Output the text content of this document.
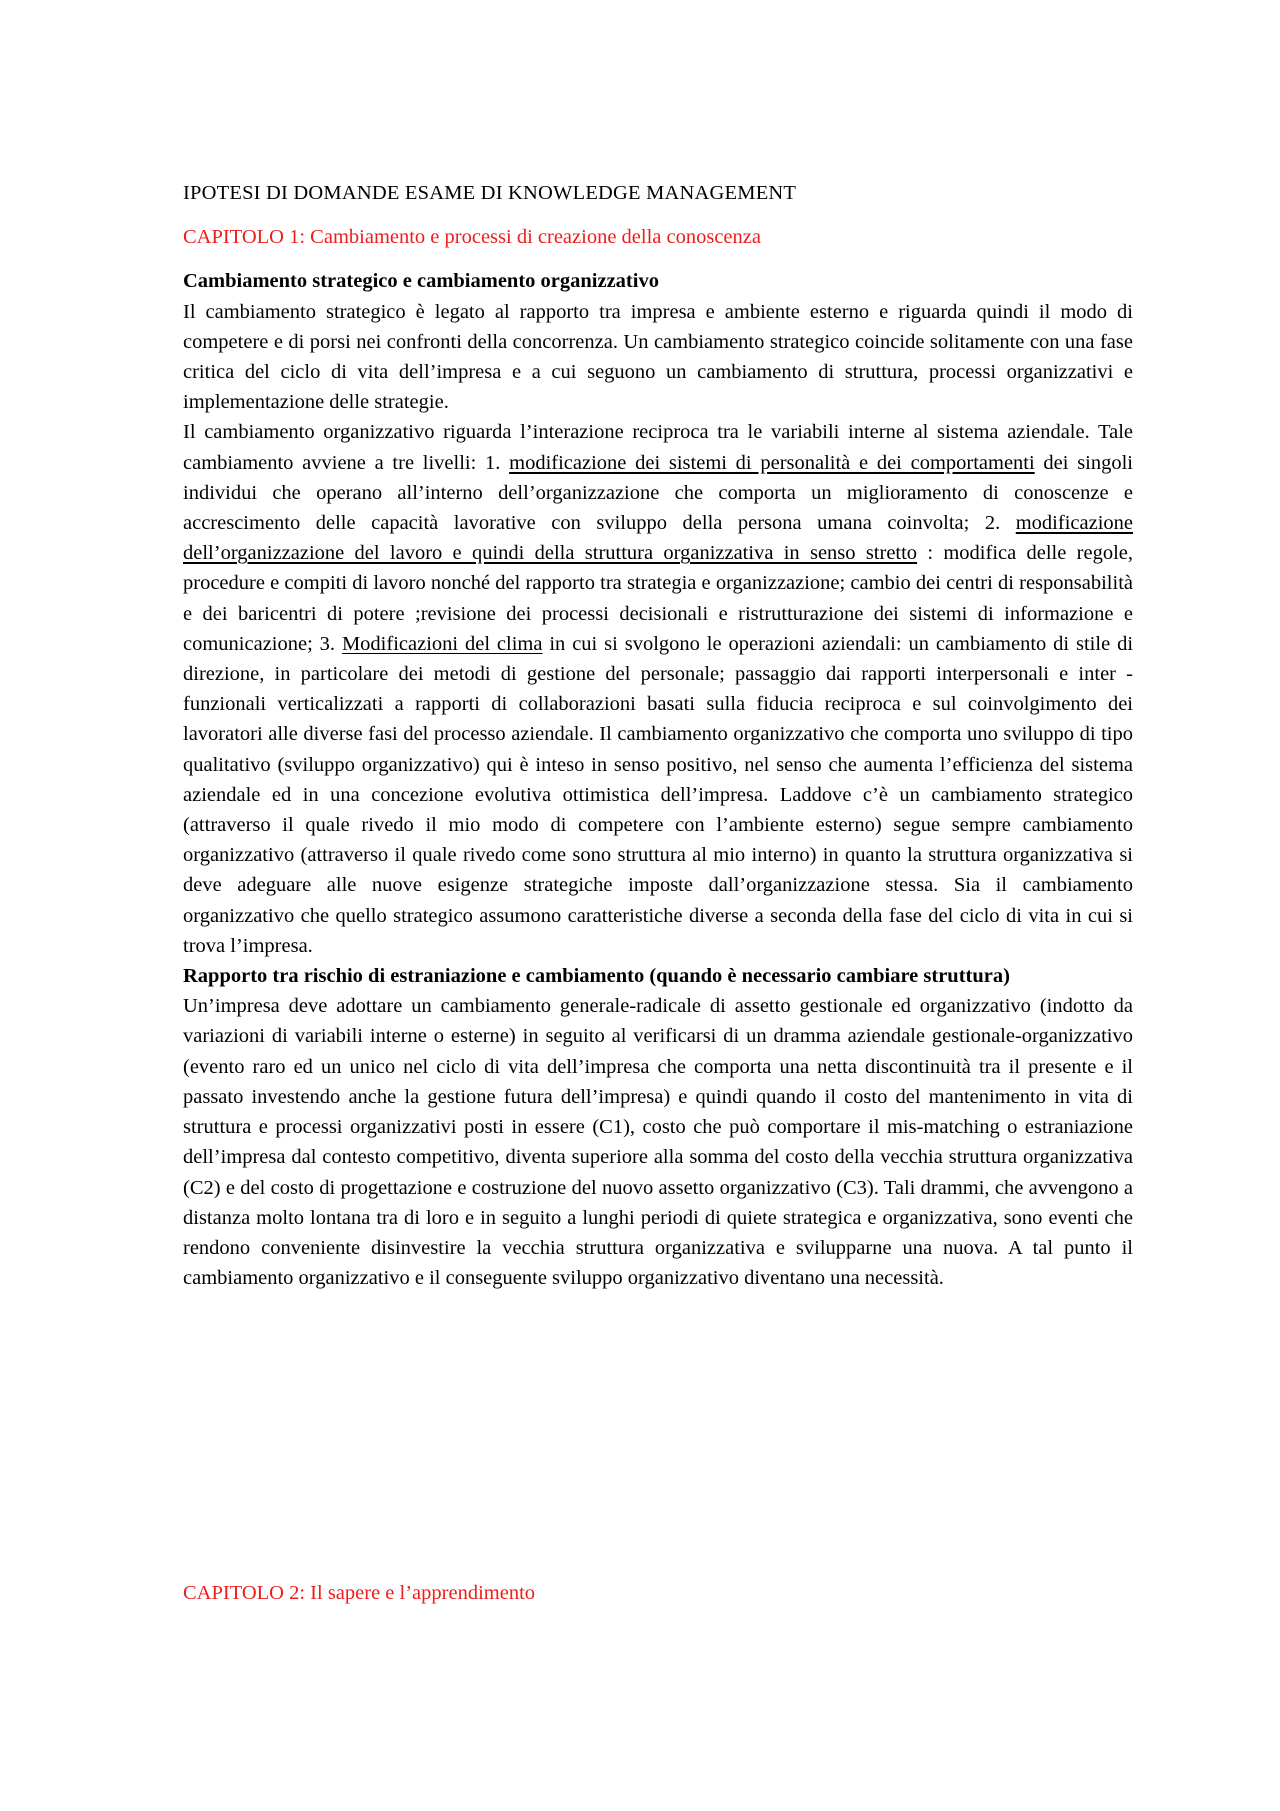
IPOTESI DI DOMANDE ESAME DI KNOWLEDGE MANAGEMENT

CAPITOLO 1: Cambiamento e processi di creazione della conoscenza

Cambiamento strategico e cambiamento organizzativo

Il cambiamento strategico è legato al rapporto tra impresa e ambiente esterno e riguarda quindi il modo di competere e di porsi nei confronti della concorrenza. Un cambiamento strategico coincide solitamente con una fase critica del ciclo di vita dell’impresa e a cui seguono un cambiamento di struttura, processi organizzativi e implementazione delle strategie.

Il cambiamento organizzativo riguarda l’interazione reciproca tra le variabili interne al sistema aziendale. Tale cambiamento avviene a tre livelli: 1. modificazione dei sistemi di personalità e dei comportamenti dei singoli individui che operano all’interno dell’organizzazione che comporta un miglioramento di conoscenze e accrescimento delle capacità lavorative con sviluppo della persona umana coinvolta; 2. modificazione dell’organizzazione del lavoro e quindi della struttura organizzativa in senso stretto : modifica delle regole, procedure e compiti di lavoro nonché del rapporto tra strategia e organizzazione; cambio dei centri di responsabilità e dei baricentri di potere ;revisione dei processi decisionali e ristrutturazione dei sistemi di informazione e comunicazione; 3. Modificazioni del clima in cui si svolgono le operazioni aziendali: un cambiamento di stile di direzione, in particolare dei metodi di gestione del personale; passaggio dai rapporti interpersonali e inter -funzionali verticalizzati a rapporti di collaborazioni basati sulla fiducia reciproca e sul coinvolgimento dei lavoratori alle diverse fasi del processo aziendale. Il cambiamento organizzativo che comporta uno sviluppo di tipo qualitativo (sviluppo organizzativo) qui è inteso in senso positivo, nel senso che aumenta l’efficienza del sistema aziendale ed in una concezione evolutiva ottimistica dell’impresa. Laddove c’è un cambiamento strategico (attraverso il quale rivedo il mio modo di competere con l’ambiente esterno) segue sempre cambiamento organizzativo (attraverso il quale rivedo come sono struttura al mio interno) in quanto la struttura organizzativa si deve adeguare alle nuove esigenze strategiche imposte dall’organizzazione stessa. Sia il cambiamento organizzativo che quello strategico assumono caratteristiche diverse a seconda della fase del ciclo di vita in cui si trova l’impresa.

Rapporto tra rischio di estraniazione e cambiamento (quando è necessario cambiare struttura)

Un’impresa deve adottare un cambiamento generale-radicale di assetto gestionale ed organizzativo (indotto da variazioni di variabili interne o esterne) in seguito al verificarsi di un dramma aziendale gestionale-organizzativo (evento raro ed un unico nel ciclo di vita dell’impresa che comporta una netta discontinuità tra il presente e il passato investendo anche la gestione futura dell’impresa) e quindi quando il costo del mantenimento in vita di struttura e processi organizzativi posti in essere (C1), costo che può comportare il mis-matching o estraniazione dell’impresa dal contesto competitivo, diventa superiore alla somma del costo della vecchia struttura organizzativa (C2) e del costo di progettazione e costruzione del nuovo assetto organizzativo (C3). Tali drammi, che avvengono a distanza molto lontana tra di loro e in seguito a lunghi periodi di quiete strategica e organizzativa, sono eventi che rendono conveniente disinvestire la vecchia struttura organizzativa e svilupparne una nuova. A tal punto il cambiamento organizzativo e il conseguente sviluppo organizzativo diventano una necessità.

CAPITOLO 2: Il sapere e l’apprendimento
